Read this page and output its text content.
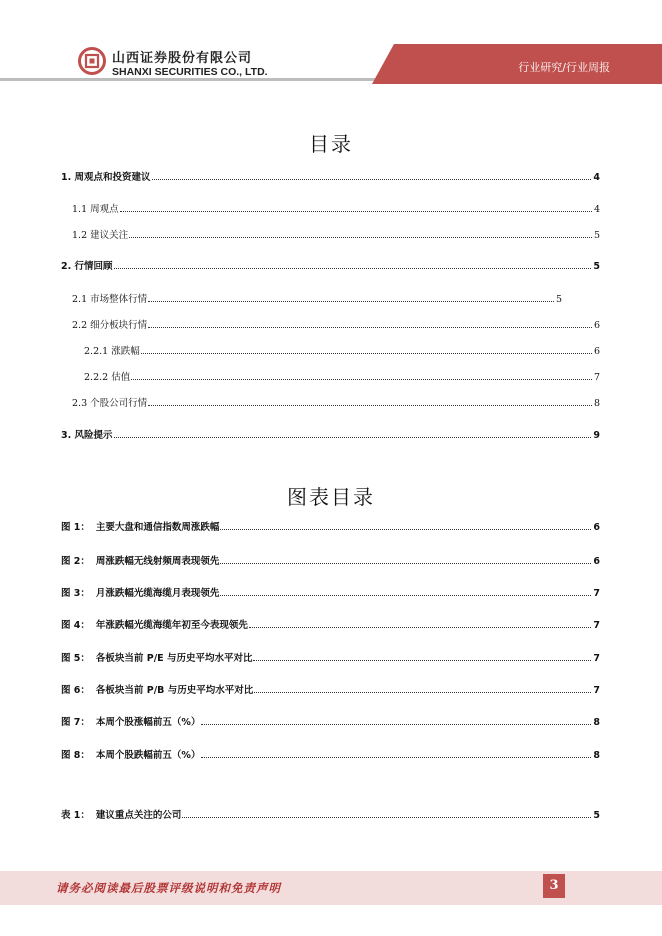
山西证券股份有限公司
SHANXI SECURITIES CO., LTD.	行业研究/行业周报
目录
1. 周观点和投资建议	4
1.1 周观点	4
1.2 建议关注	5
2. 行情回顾	5
2.1 市场整体行情	5
2.2 细分板块行情	6
2.2.1 涨跌幅	6
2.2.2 估值	7
2.3 个股公司行情	8
3. 风险提示	9
图表目录
图 1： 主要大盘和通信指数周涨跌幅	6
图 2： 周涨跌幅无线射频周表现领先	6
图 3： 月涨跌幅光缆海缆月表现领先	7
图 4： 年涨跌幅光缆海缆年初至今表现领先	7
图 5： 各板块当前 P/E 与历史平均水平对比	7
图 6： 各板块当前 P/B 与历史平均水平对比	7
图 7： 本周个股涨幅前五（%）	8
图 8： 本周个股跌幅前五（%）	8
表 1： 建议重点关注的公司	5
请务必阅读最后股票评级说明和免责声明	3
